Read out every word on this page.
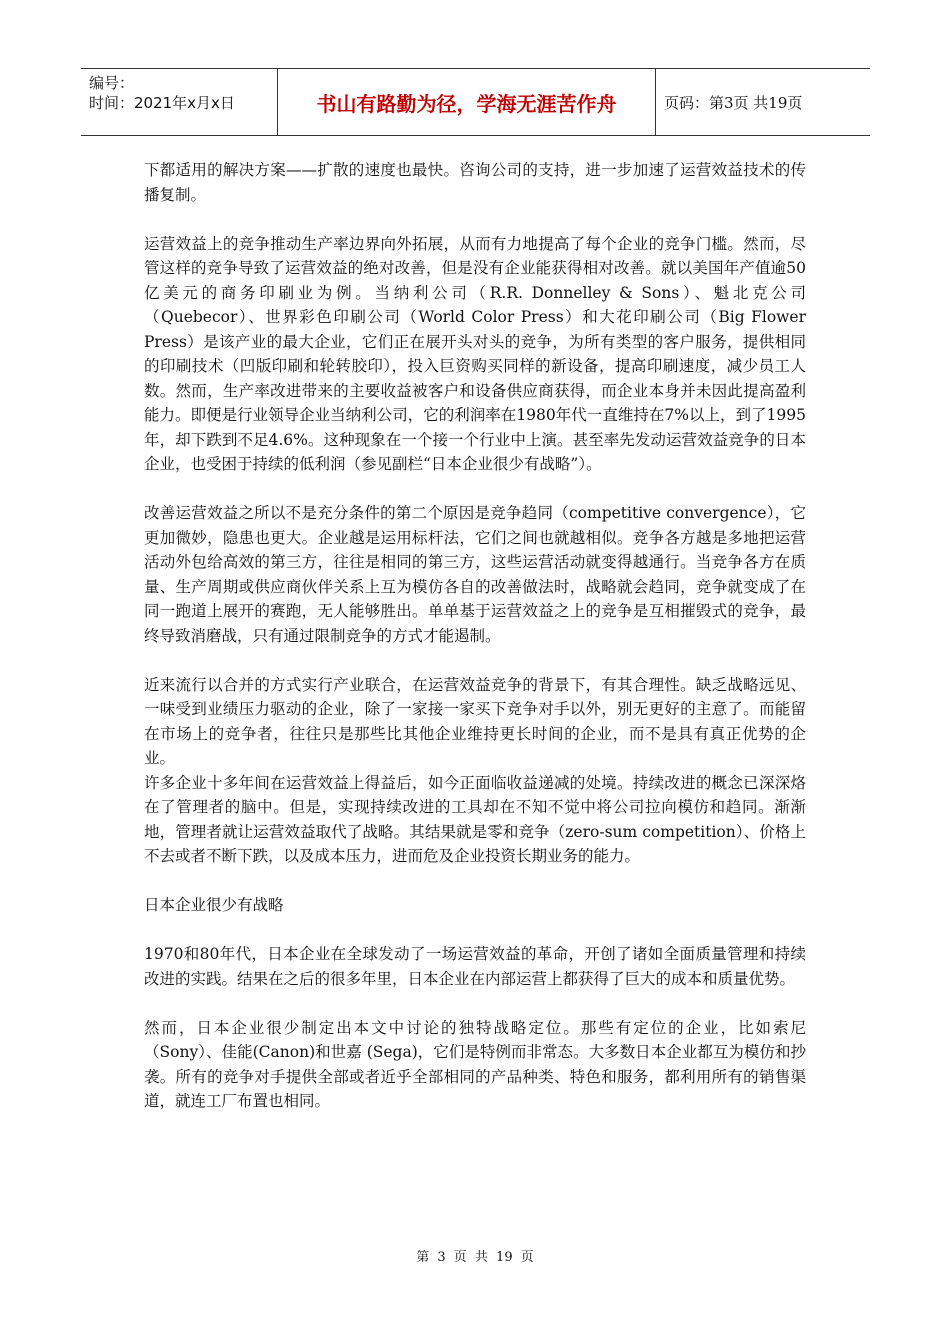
编号：
时间：2021年x月x日	书山有路勤为径，学海无涯苦作舟	页码：第3页 共19页

下都适用的解决方案——扩散的速度也最快。咨询公司的支持，进一步加速了运营效益技术的传播复制。

运营效益上的竞争推动生产率边界向外拓展，从而有力地提高了每个企业的竞争门槛。然而，尽管这样的竞争导致了运营效益的绝对改善，但是没有企业能获得相对改善。就以美国年产值逾50亿美元的商务印刷业为例。当纳利公司（R.R. Donnelley & Sons）、魁北克公司（Quebecor）、世界彩色印刷公司（World Color Press）和大花印刷公司（Big Flower Press）是该产业的最大企业，它们正在展开头对头的竞争，为所有类型的客户服务，提供相同的印刷技术（凹版印刷和轮转胶印），投入巨资购买同样的新设备，提高印刷速度，减少员工人数。然而，生产率改进带来的主要收益被客户和设备供应商获得，而企业本身并未因此提高盈利能力。即便是行业领导企业当纳利公司，它的利润率在1980年代一直维持在7%以上，到了1995年，却下跌到不足4.6%。这种现象在一个接一个行业中上演。甚至率先发动运营效益竞争的日本企业，也受困于持续的低利润（参见副栏“日本企业很少有战略”）。

改善运营效益之所以不是充分条件的第二个原因是竞争趋同（competitive convergence），它更加微妙，隐患也更大。企业越是运用标杆法，它们之间也就越相似。竞争各方越是多地把运营活动外包给高效的第三方，往往是相同的第三方，这些运营活动就变得越通行。当竞争各方在质量、生产周期或供应商伙伴关系上互为模仿各自的改善做法时，战略就会趋同，竞争就变成了在同一跑道上展开的赛跑，无人能够胜出。单单基于运营效益之上的竞争是互相摧毁式的竞争，最终导致消磨战，只有通过限制竞争的方式才能遏制。

近来流行以合并的方式实行产业联合，在运营效益竞争的背景下，有其合理性。缺乏战略远见、一味受到业绩压力驱动的企业，除了一家接一家买下竞争对手以外，别无更好的主意了。而能留在市场上的竞争者，往往只是那些比其他企业维持更长时间的企业，而不是具有真正优势的企业。

许多企业十多年间在运营效益上得益后，如今正面临收益递减的处境。持续改进的概念已深深烙在了管理者的脑中。但是，实现持续改进的工具却在不知不觉中将公司拉向模仿和趋同。渐渐地，管理者就让运营效益取代了战略。其结果就是零和竞争（zero-sum competition）、价格上不去或者不断下跌，以及成本压力，进而危及企业投资长期业务的能力。

日本企业很少有战略

1970和80年代，日本企业在全球发动了一场运营效益的革命，开创了诸如全面质量管理和持续改进的实践。结果在之后的很多年里，日本企业在内部运营上都获得了巨大的成本和质量优势。

然而，日本企业很少制定出本文中讨论的独特战略定位。那些有定位的企业，比如索尼（Sony）、佳能(Canon)和世嘉 (Sega)，它们是特例而非常态。大多数日本企业都互为模仿和抄袭。所有的竞争对手提供全部或者近乎全部相同的产品种类、特色和服务，都利用所有的销售渠道，就连工厂布置也相同。

第 3 页 共 19 页
